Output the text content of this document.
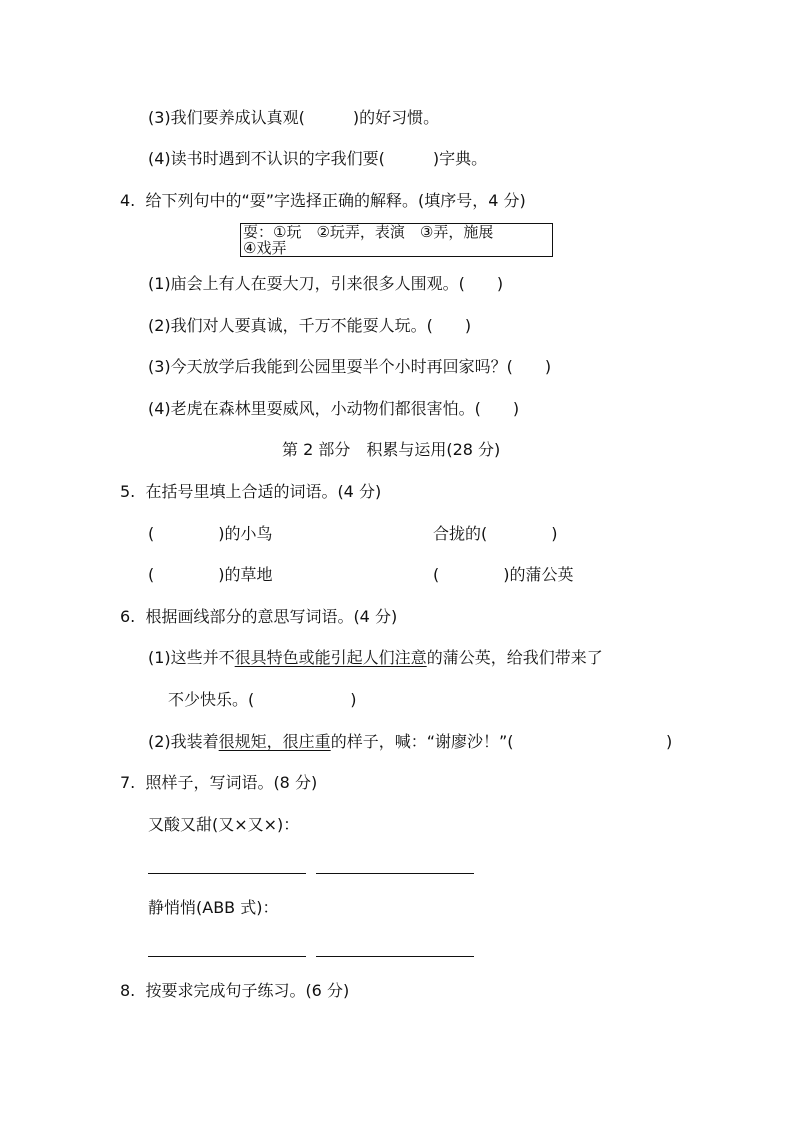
(3)我们要养成认真观(　　　)的好习惯。
(4)读书时遇到不认识的字我们要(　　　)字典。
4.  给下列句中的“耍”字选择正确的解释。(填序号，4 分)
耍：①玩　②玩弄，表演　③弄，施展
④戏弄
(1)庙会上有人在耍大刀，引来很多人围观。(　　)
(2)我们对人要真诚，千万不能耍人玩。(　　)
(3)今天放学后我能到公园里耍半个小时再回家吗？(　　)
(4)老虎在森林里耍威风，小动物们都很害怕。(　　)
第 2 部分　积累与运用(28 分)
5.  在括号里填上合适的词语。(4 分)
(　　　　)的小鸟	合拢的(　　　　)
(　　　　)的草地	(　　　　)的蒲公英
6.  根据画线部分的意思写词语。(4 分)
(1)这些并不很具特色或能引起人们注意的蒲公英，给我们带来了
不少快乐。(　　　　　　)
(2)我装着很规矩，很庄重的样子，喊：“谢廖沙！”(	)
7.  照样子，写词语。(8 分)
又酸又甜(又×又×)：
静悄悄(ABB 式)：
8.  按要求完成句子练习。(6 分)
